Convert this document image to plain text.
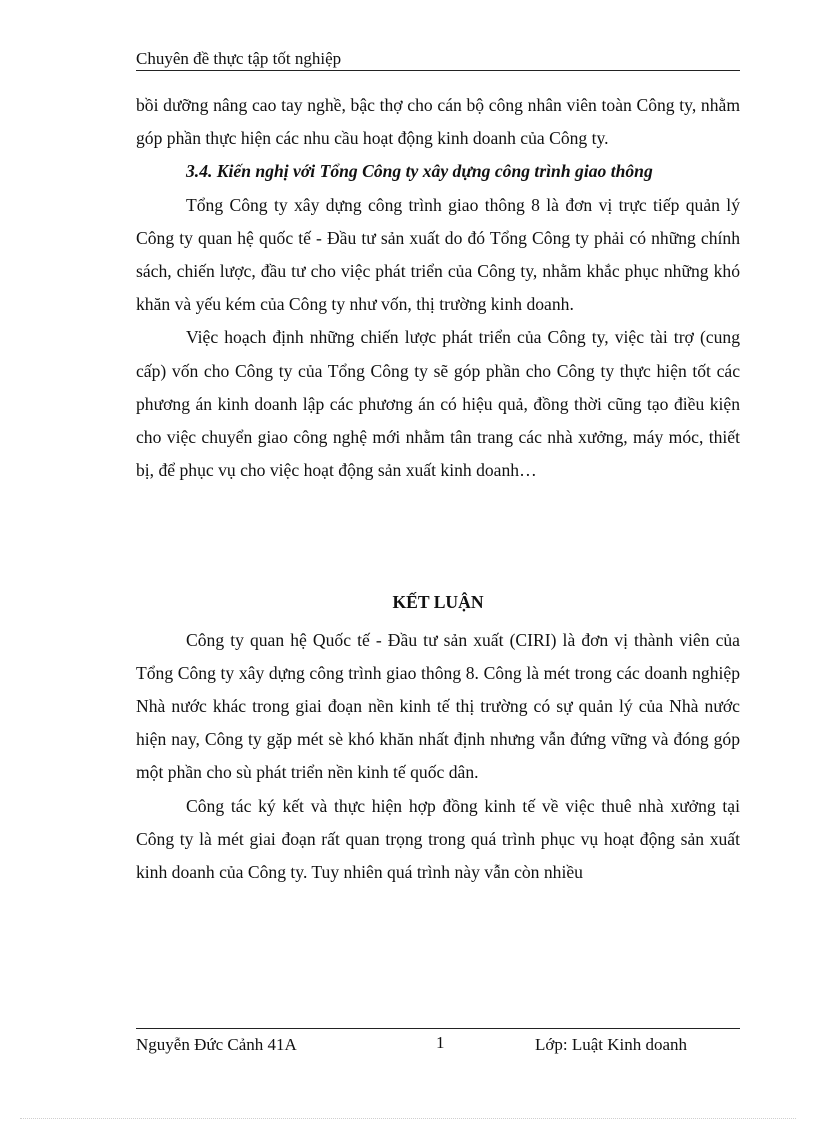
Chuyên đề thực tập tốt nghiệp

bồi dưỡng nâng cao tay nghề, bậc thợ cho cán bộ công nhân viên toàn Công ty, nhằm góp phần thực hiện các nhu cầu hoạt động kinh doanh của Công ty.

3.4. Kiến nghị với Tổng Công ty xây dựng công trình giao thông

Tổng Công ty xây dựng công trình giao thông 8 là đơn vị trực tiếp quản lý Công ty quan hệ quốc tế - Đầu tư sản xuất do đó Tổng Công ty phải có những chính sách, chiến lược, đầu tư cho việc phát triển của Công ty, nhằm khắc phục những khó khăn và yếu kém của Công ty như vốn, thị trường kinh doanh.

Việc hoạch định những chiến lược phát triển của Công ty, việc tài trợ (cung cấp) vốn cho Công ty của Tổng Công ty sẽ góp phần cho Công ty thực hiện tốt các phương án kinh doanh lập các phương án có hiệu quả, đồng thời cũng tạo điều kiện cho việc chuyển giao công nghệ mới nhằm tân trang các nhà xưởng, máy móc, thiết bị, để phục vụ cho việc hoạt động sản xuất kinh doanh…

KẾT LUẬN

Công ty quan hệ Quốc tế - Đầu tư sản xuất (CIRI) là đơn vị thành viên của Tổng Công ty xây dựng công trình giao thông 8. Công là mét trong các doanh nghiệp Nhà nước khác trong giai đoạn nền kinh tế thị trường có sự quản lý của Nhà nước hiện nay, Công ty gặp mét sè khó khăn nhất định nhưng vẫn đứng vững và đóng góp một phần cho sù phát triển nền kinh tế quốc dân.

Công tác ký kết và thực hiện hợp đồng kinh tế về việc thuê nhà xưởng tại Công ty là mét giai đoạn rất quan trọng trong quá trình phục vụ hoạt động sản xuất kinh doanh của Công ty. Tuy nhiên quá trình này vẫn còn nhiều

Nguyễn Đức Cảnh 41A	1	Lớp: Luật Kinh doanh
